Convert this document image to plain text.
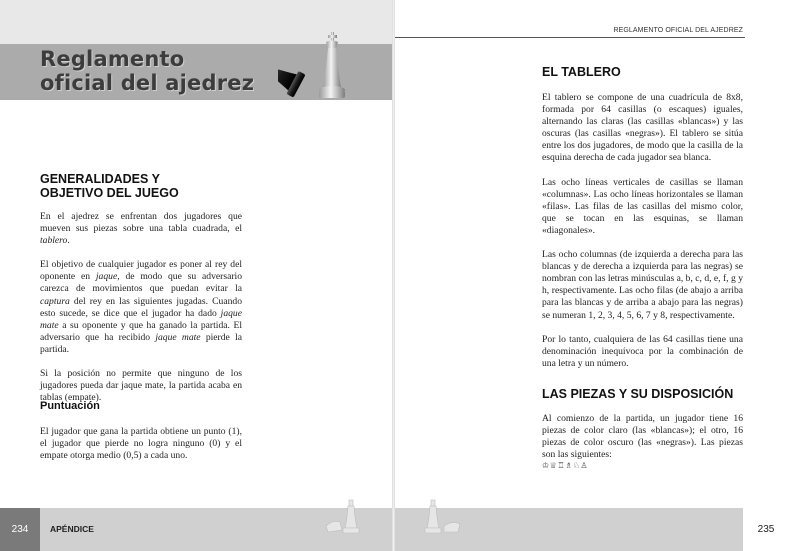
Reglamento
oficial del ajedrez
GENERALIDADES Y
OBJETIVO DEL JUEGO

En el ajedrez se enfrentan dos jugadores que mueven sus piezas sobre una tabla cuadrada, el tablero.

El objetivo de cualquier jugador es poner al rey del oponente en jaque, de modo que su adversario carezca de movimientos que puedan evitar la captura del rey en las siguientes jugadas. Cuando esto sucede, se dice que el jugador ha dado jaque mate a su oponente y que ha ganado la partida. El adversario que ha recibido jaque mate pierde la partida.

Si la posición no permite que ninguno de los jugadores pueda dar jaque mate, la partida acaba en tablas (empate).

Puntuación

El jugador que gana la partida obtiene un punto (1), el jugador que pierde no logra ninguno (0) y el empate otorga medio (0,5) a cada uno.

REGLAMENTO OFICIAL DEL AJEDREZ

EL TABLERO

El tablero se compone de una cuadrícula de 8x8, formada por 64 casillas (o escaques) iguales, alternando las claras (las casillas «blancas») y las oscuras (las casillas «negras»). El tablero se sitúa entre los dos jugadores, de modo que la casilla de la esquina derecha de cada jugador sea blanca.

Las ocho líneas verticales de casillas se llaman «columnas». Las ocho líneas horizontales se llaman «filas». Las filas de las casillas del mismo color, que se tocan en las esquinas, se llaman «diagonales».

Las ocho columnas (de izquierda a derecha para las blancas y de derecha a izquierda para las negras) se nombran con las letras minúsculas a, b, c, d, e, f, g y h, respectivamente. Las ocho filas (de abajo a arriba para las blancas y de arriba a abajo para las negras) se numeran 1, 2, 3, 4, 5, 6, 7 y 8, respectivamente.

Por lo tanto, cualquiera de las 64 casillas tiene una denominación inequívoca por la combinación de una letra y un número.

LAS PIEZAS Y SU DISPOSICIÓN

Al comienzo de la partida, un jugador tiene 16 piezas de color claro (las «blancas»); el otro, 16 piezas de color oscuro (las «negras»). Las piezas son las siguientes:

♔♕♖♗♘♙

234	APÉNDICE	235
